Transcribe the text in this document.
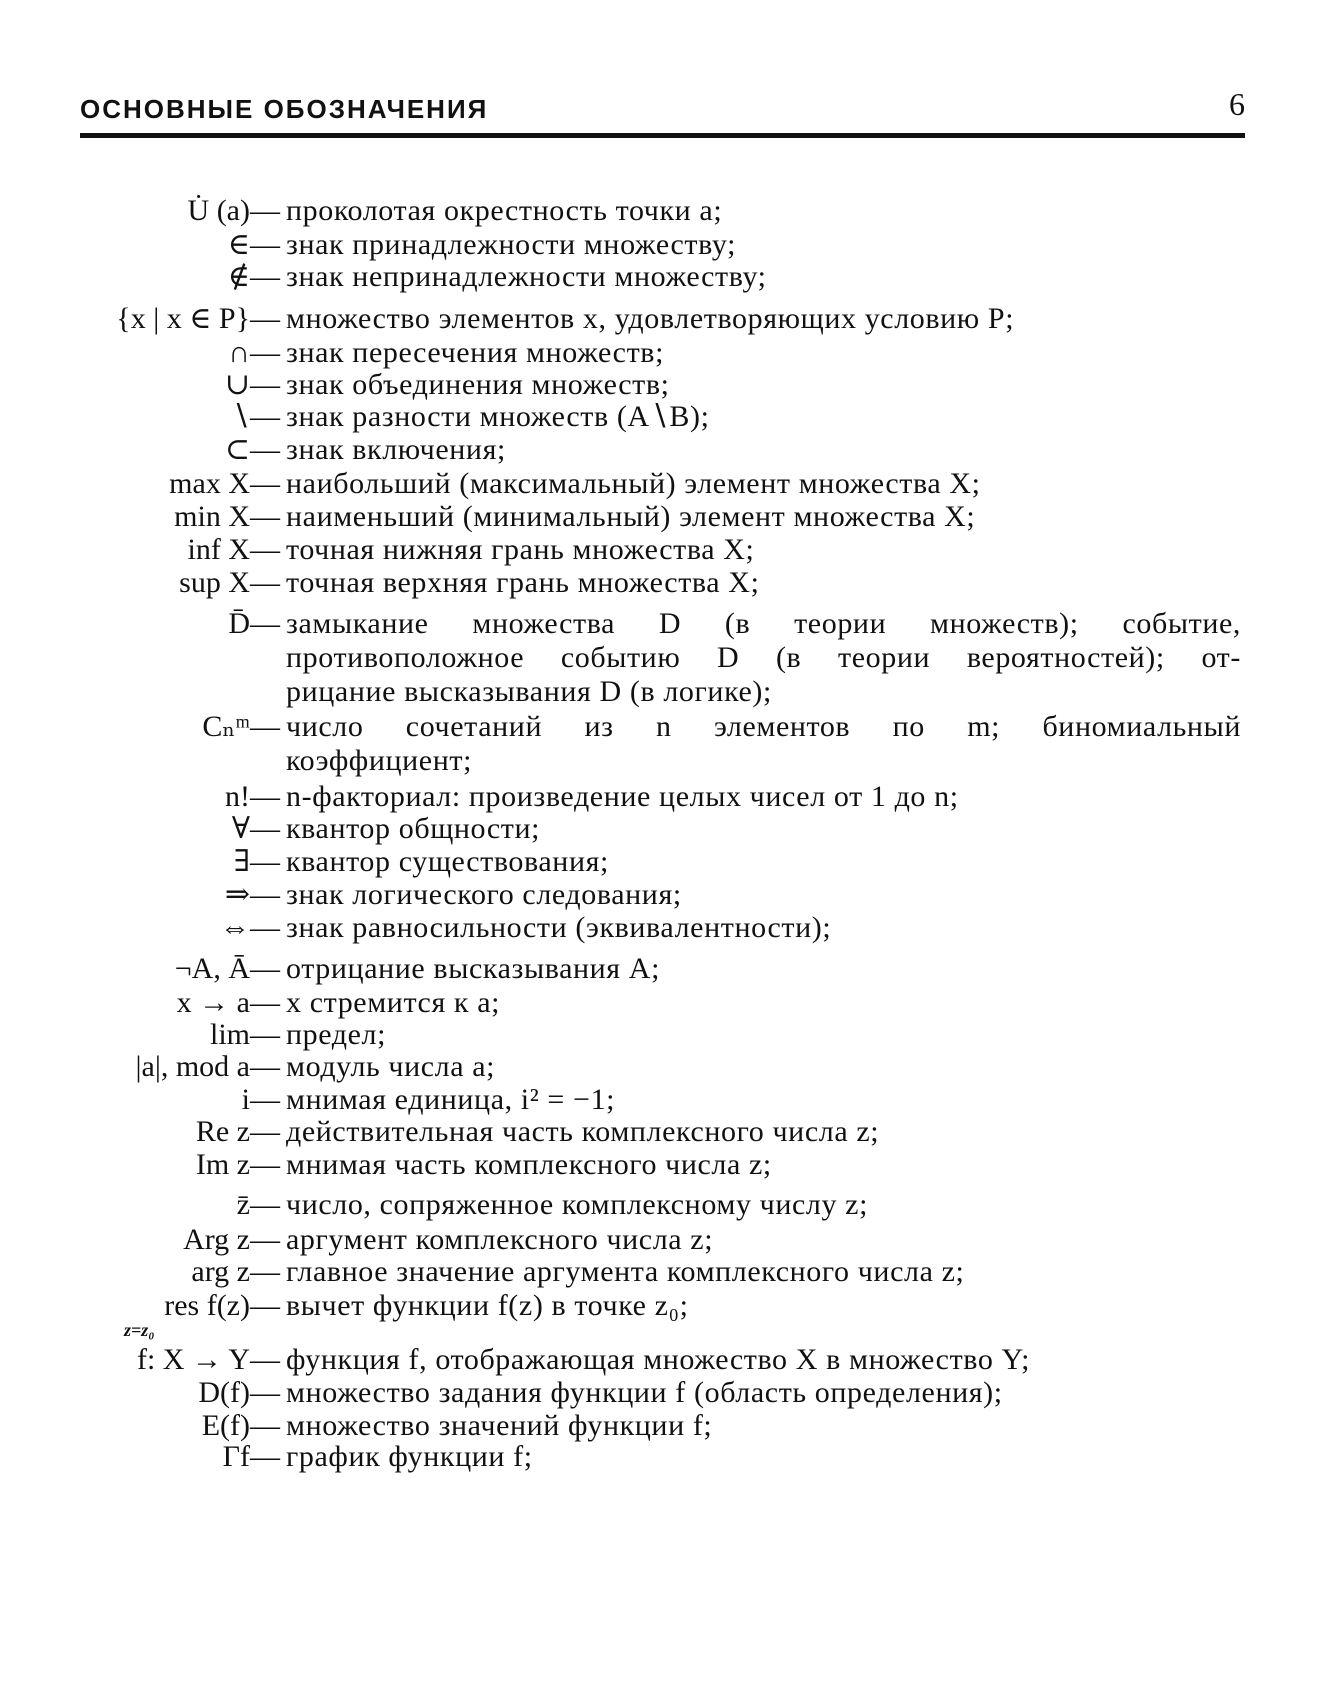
ОСНОВНЫЕ ОБОЗНАЧЕНИЯ	6
U̇ (a) — проколотая окрестность точки a;
∈ — знак принадлежности множеству;
∉ — знак непринадлежности множеству;
{x | x ∈ P} — множество элементов x, удовлетворяющих условию P;
∩ — знак пересечения множеств;
∪ — знак объединения множеств;
∖ — знак разности множеств (A∖B);
⊂ — знак включения;
max X — наибольший (максимальный) элемент множества X;
min X — наименьший (минимальный) элемент множества X;
inf X — точная нижняя грань множества X;
sup X — точная верхняя грань множества X;
D̄ — замыкание множества D (в теории множеств); событие,
противоположное событию D (в теории вероятностей); от-
рицание высказывания D (в логике);
Cₙᵐ — число сочетаний из n элементов по m; биномиальный
коэффициент;
n! — n-факториал: произведение целых чисел от 1 до n;
∀ — квантор общности;
∃ — квантор существования;
⇒ — знак логического следования;
⇔ — знак равносильности (эквивалентности);
¬A, Ā — отрицание высказывания A;
x → a — x стремится к a;
lim — предел;
|a|, mod a — модуль числа a;
i — мнимая единица, i² = −1;
Re z — действительная часть комплексного числа z;
Im z — мнимая часть комплексного числа z;
z̄ — число, сопряженное комплексному числу z;
Arg z — аргумент комплексного числа z;
arg z — главное значение аргумента комплексного числа z;
res f(z) — вычет функции f(z) в точке z₀;
f: X → Y — функция f, отображающая множество X в множество Y;
D(f) — множество задания функции f (область определения);
E(f) — множество значений функции f;
Γf — график функции f;
z=z₀
